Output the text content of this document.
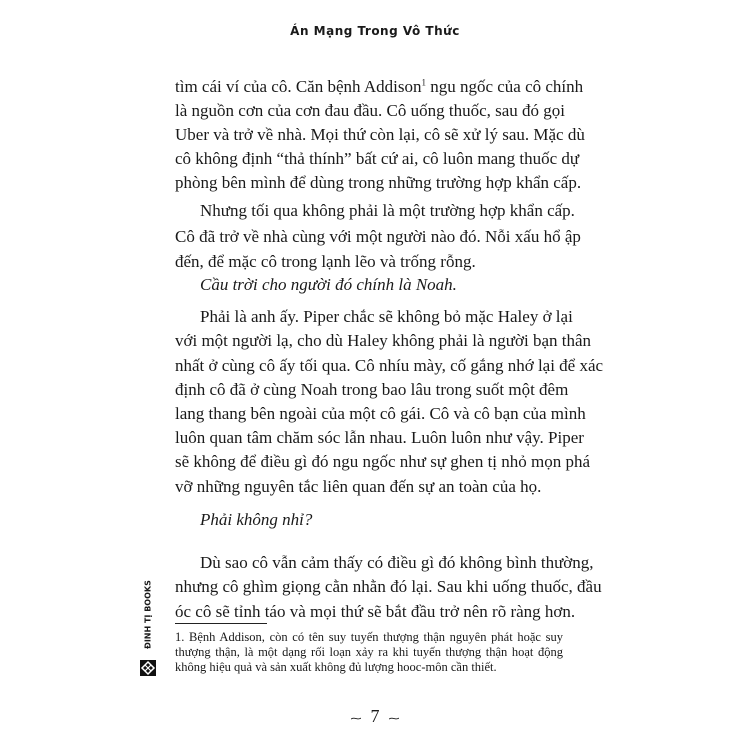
Án Mạng Trong Vô Thức
tìm cái ví của cô. Căn bệnh Addison$^1$ ngu ngốc của cô chính
là nguồn cơn của cơn đau đầu. Cô uống thuốc, sau đó gọi
Uber và trở về nhà. Mọi thứ còn lại, cô sẽ xử lý sau. Mặc dù
cô không định “thả thính” bất cứ ai, cô luôn mang thuốc dự
phòng bên mình để dùng trong những trường hợp khẩn cấp.
Nhưng tối qua không phải là một trường hợp khẩn cấp.
Cô đã trở về nhà cùng với một người nào đó. Nỗi xấu hổ ập
đến, để mặc cô trong lạnh lẽo và trống rỗng.
Cầu trời cho người đó chính là Noah.
Phải là anh ấy. Piper chắc sẽ không bỏ mặc Haley ở lại
với một người lạ, cho dù Haley không phải là người bạn thân
nhất ở cùng cô ấy tối qua. Cô nhíu mày, cố gắng nhớ lại để xác
định cô đã ở cùng Noah trong bao lâu trong suốt một đêm
lang thang bên ngoài của một cô gái. Cô và cô bạn của mình
luôn quan tâm chăm sóc lẫn nhau. Luôn luôn như vậy. Piper
sẽ không để điều gì đó ngu ngốc như sự ghen tị nhỏ mọn phá
vỡ những nguyên tắc liên quan đến sự an toàn của họ.
Phải không nhỉ?
Dù sao cô vẫn cảm thấy có điều gì đó không bình thường,
nhưng cô ghìm giọng cằn nhằn đó lại. Sau khi uống thuốc, đầu
óc cô sẽ tỉnh táo và mọi thứ sẽ bắt đầu trở nên rõ ràng hơn.
1. Bệnh Addison, còn có tên suy tuyến thượng thận nguyên phát hoặc suy
thượng thận, là một dạng rối loạn xảy ra khi tuyến thượng thận hoạt động
không hiệu quả và sản xuất không đủ lượng hooc-môn cần thiết.
⁓ 7 ⁓
ĐINH TỊ BOOKS
